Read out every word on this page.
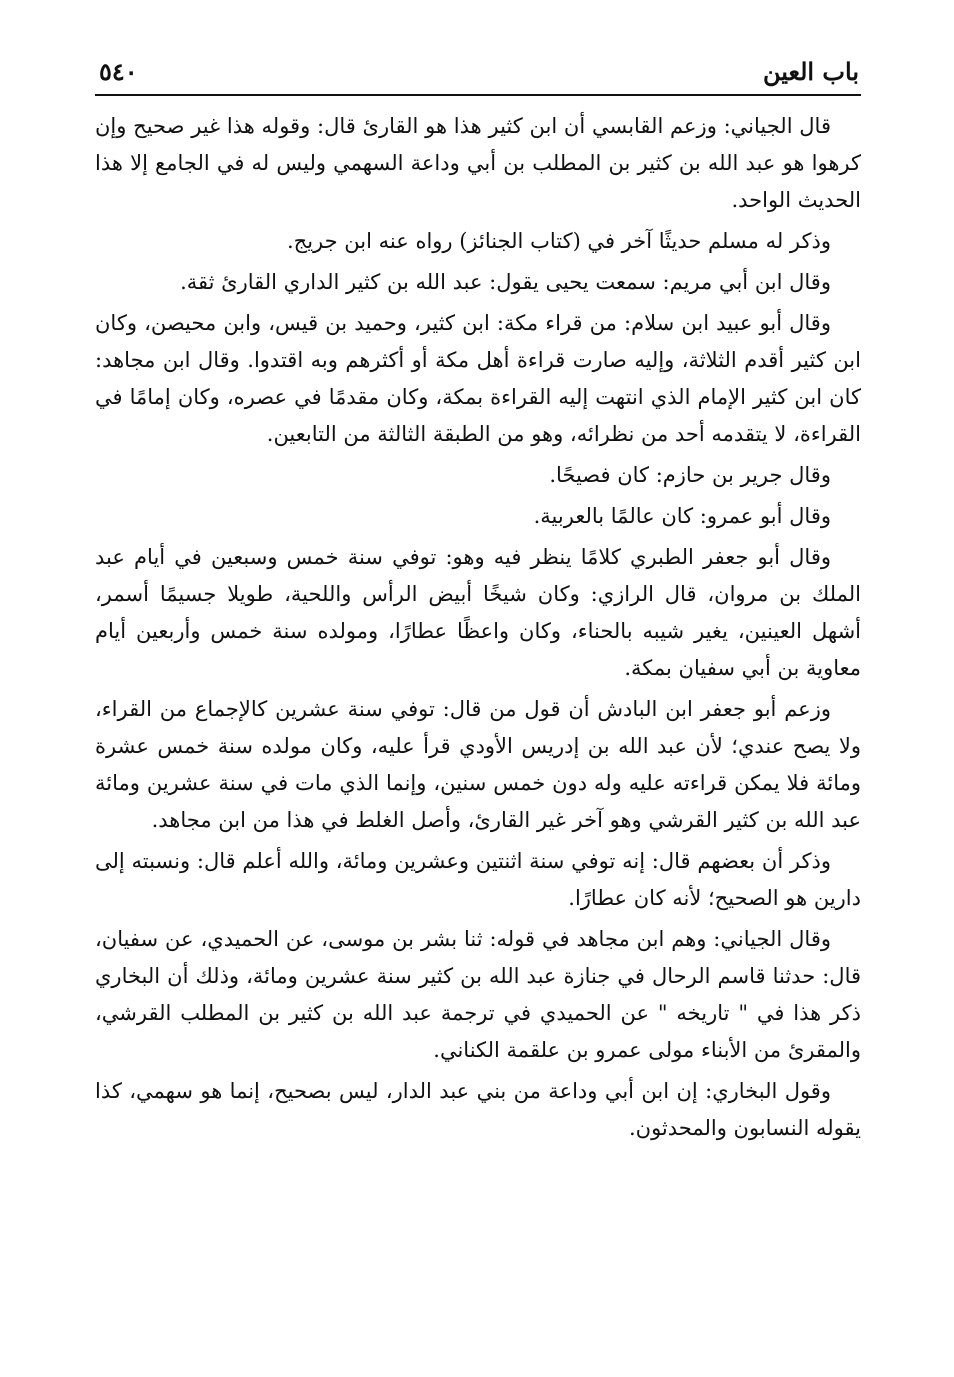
باب العين
٥٤٠

قال الجياني: وزعم القابسي أن ابن كثير هذا هو القارئ قال: وقوله هذا غير صحيح وإن كرهوا هو عبد الله بن كثير بن المطلب بن أبي وداعة السهمي وليس له في الجامع إلا هذا الحديث الواحد.

وذكر له مسلم حديثًا آخر في (كتاب الجنائز) رواه عنه ابن جريج.

وقال ابن أبي مريم: سمعت يحيى يقول: عبد الله بن كثير الداري القارئ ثقة.

وقال أبو عبيد ابن سلام: من قراء مكة: ابن كثير، وحميد بن قيس، وابن محيصن، وكان ابن كثير أقدم الثلاثة، وإليه صارت قراءة أهل مكة أو أكثرهم وبه اقتدوا. وقال ابن مجاهد: كان ابن كثير الإمام الذي انتهت إليه القراءة بمكة، وكان مقدمًا في عصره، وكان إمامًا في القراءة، لا يتقدمه أحد من نظرائه، وهو من الطبقة الثالثة من التابعين.

وقال جرير بن حازم: كان فصيحًا.

وقال أبو عمرو: كان عالمًا بالعربية.

وقال أبو جعفر الطبري كلامًا ينظر فيه وهو: توفي سنة خمس وسبعين في أيام عبد الملك بن مروان، قال الرازي: وكان شيخًا أبيض الرأس واللحية، طويلا جسيمًا أسمر، أشهل العينين، يغير شيبه بالحناء، وكان واعظًا عطارًا، ومولده سنة خمس وأربعين أيام معاوية بن أبي سفيان بمكة.

وزعم أبو جعفر ابن البادش أن قول من قال: توفي سنة عشرين كالإجماع من القراء، ولا يصح عندي؛ لأن عبد الله بن إدريس الأودي قرأ عليه، وكان مولده سنة خمس عشرة ومائة فلا يمكن قراءته عليه وله دون خمس سنين، وإنما الذي مات في سنة عشرين ومائة عبد الله بن كثير القرشي وهو آخر غير القارئ، وأصل الغلط في هذا من ابن مجاهد.

وذكر أن بعضهم قال: إنه توفي سنة اثنتين وعشرين ومائة، والله أعلم قال: ونسبته إلى دارين هو الصحيح؛ لأنه كان عطارًا.

وقال الجياني: وهم ابن مجاهد في قوله: ثنا بشر بن موسى، عن الحميدي، عن سفيان، قال: حدثنا قاسم الرحال في جنازة عبد الله بن كثير سنة عشرين ومائة، وذلك أن البخاري ذكر هذا في " تاريخه " عن الحميدي في ترجمة عبد الله بن كثير بن المطلب القرشي، والمقرئ من الأبناء مولى عمرو بن علقمة الكناني.

وقول البخاري: إن ابن أبي وداعة من بني عبد الدار، ليس بصحيح، إنما هو سهمي، كذا يقوله النسابون والمحدثون.
